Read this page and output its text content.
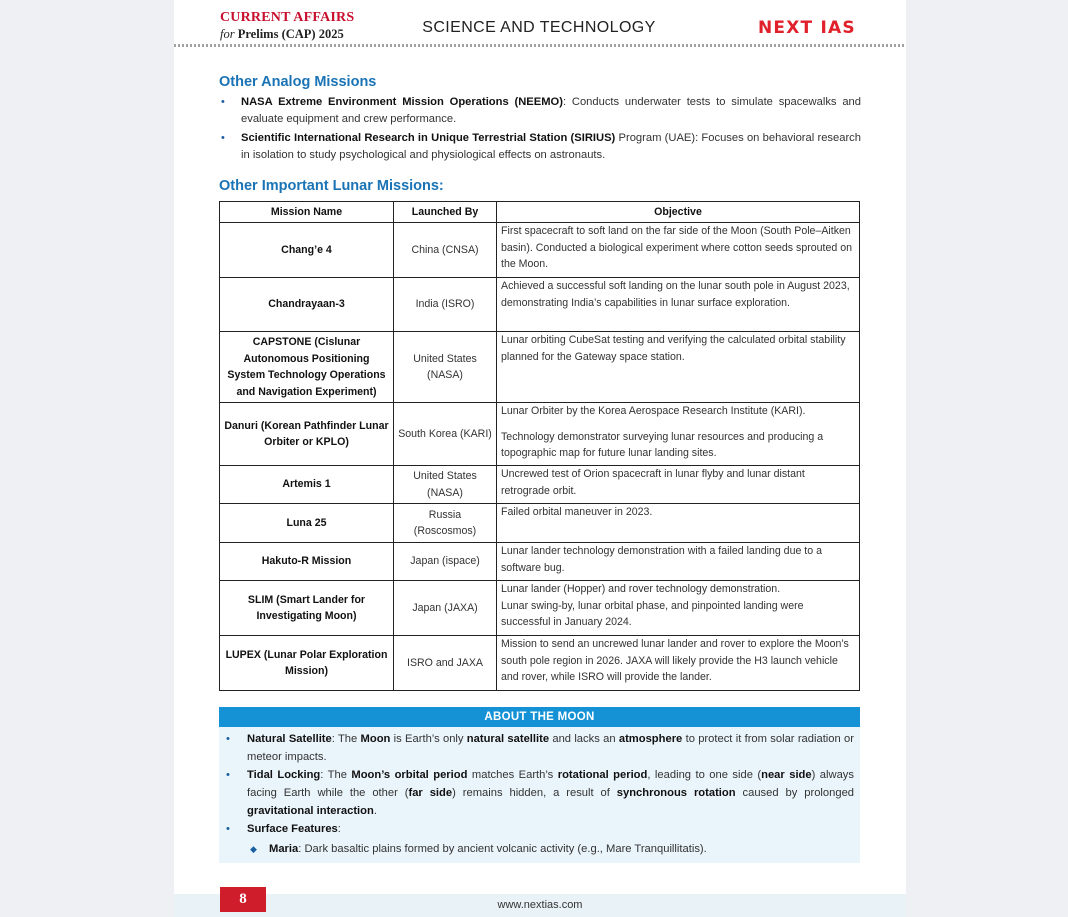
CURRENT AFFAIRS
for Prelims (CAP) 2025	SCIENCE AND TECHNOLOGY	NEXT IAS
Other Analog Missions
• NASA Extreme Environment Mission Operations (NEEMO): Conducts underwater tests to simulate spacewalks and evaluate equipment and crew performance.
• Scientific International Research in Unique Terrestrial Station (SIRIUS) Program (UAE): Focuses on behavioral research in isolation to study psychological and physiological effects on astronauts.
Other Important Lunar Missions:
Mission Name	Launched By	Objective
Chang’e 4	China (CNSA)	First spacecraft to soft land on the far side of the Moon (South Pole–Aitken basin). Conducted a biological experiment where cotton seeds sprouted on the Moon.

Chandrayaan-3	India (ISRO)	Achieved a successful soft landing on the lunar south pole in August 2023, demonstrating India’s capabilities in lunar surface exploration.

CAPSTONE (Cislunar Autonomous Positioning System Technology Operations and Navigation Experiment)	United States (NASA)	Lunar orbiting CubeSat testing and verifying the calculated orbital stability planned for the Gateway space station.

Danuri (Korean Pathfinder Lunar Orbiter or KPLO)	South Korea (KARI)	Lunar Orbiter by the Korea Aerospace Research Institute (KARI).

Technology demonstrator surveying lunar resources and producing a topographic map for future lunar landing sites.

Artemis 1	United States (NASA)	Uncrewed test of Orion spacecraft in lunar flyby and lunar distant retrograde orbit.

Luna 25	Russia (Roscosmos)	Failed orbital maneuver in 2023.

Hakuto-R Mission	Japan (ispace)	Lunar lander technology demonstration with a failed landing due to a software bug.

SLIM (Smart Lander for Investigating Moon)	Japan (JAXA)	Lunar lander (Hopper) and rover technology demonstration.

Lunar swing-by, lunar orbital phase, and pinpointed landing were successful in January 2024.

LUPEX (Lunar Polar Exploration Mission)	ISRO and JAXA	Mission to send an uncrewed lunar lander and rover to explore the Moon’s south pole region in 2026. JAXA will likely provide the H3 launch vehicle and rover, while ISRO will provide the lander.

ABOUT THE MOON
• Natural Satellite: The Moon is Earth’s only natural satellite and lacks an atmosphere to protect it from solar radiation or meteor impacts.
• Tidal Locking: The Moon’s orbital period matches Earth’s rotational period, leading to one side (near side) always facing Earth while the other (far side) remains hidden, a result of synchronous rotation caused by prolonged gravitational interaction.
• Surface Features:
◆ Maria: Dark basaltic plains formed by ancient volcanic activity (e.g., Mare Tranquillitatis).
8	www.nextias.com
